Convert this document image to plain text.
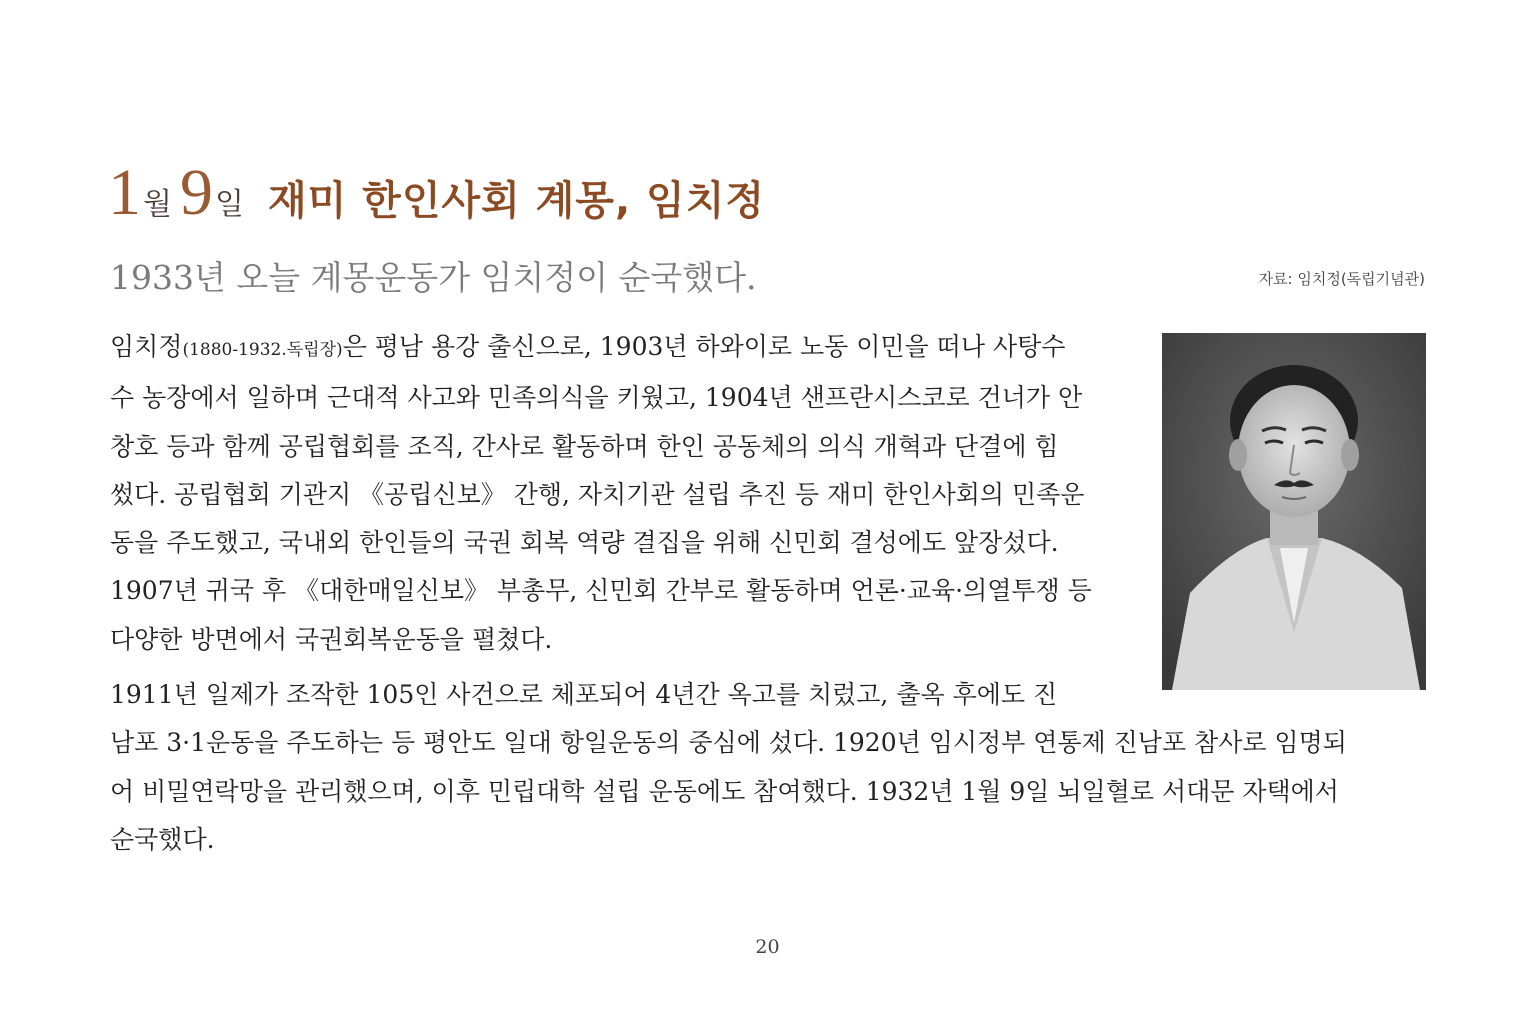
1월 9일 재미 한인사회 계몽, 임치정
1933년 오늘 계몽운동가 임치정이 순국했다.	자료: 임치정(독립기념관)
임치정(1880-1932.독립장)은 평남 용강 출신으로, 1903년 하와이로 노동 이민을 떠나 사탕수
수 농장에서 일하며 근대적 사고와 민족의식을 키웠고, 1904년 샌프란시스코로 건너가 안
창호 등과 함께 공립협회를 조직, 간사로 활동하며 한인 공동체의 의식 개혁과 단결에 힘
썼다. 공립협회 기관지 《공립신보》 간행, 자치기관 설립 추진 등 재미 한인사회의 민족운
동을 주도했고, 국내외 한인들의 국권 회복 역량 결집을 위해 신민회 결성에도 앞장섰다.
1907년 귀국 후 《대한매일신보》 부총무, 신민회 간부로 활동하며 언론·교육·의열투쟁 등
다양한 방면에서 국권회복운동을 펼쳤다.
1911년 일제가 조작한 105인 사건으로 체포되어 4년간 옥고를 치렀고, 출옥 후에도 진
남포 3·1운동을 주도하는 등 평안도 일대 항일운동의 중심에 섰다. 1920년 임시정부 연통제 진남포 참사로 임명되
어 비밀연락망을 관리했으며, 이후 민립대학 설립 운동에도 참여했다. 1932년 1월 9일 뇌일혈로 서대문 자택에서
순국했다.
20
